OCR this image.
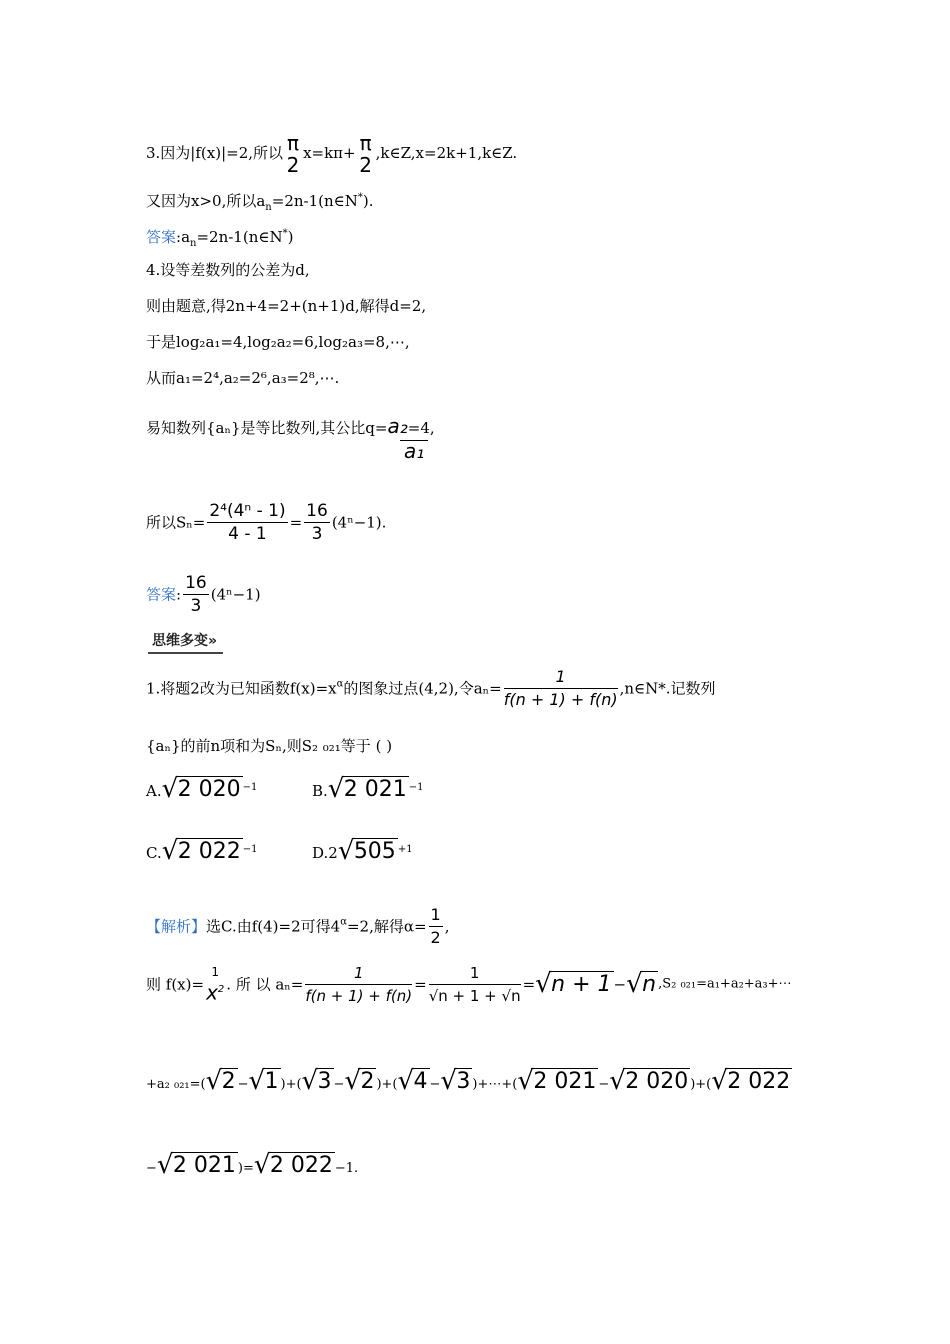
3.因为|f(x)|=2,所以 π
2 x=kπ+ π
2 ,k∈Z,x=2k+1,k∈Z.
又因为x>0,所以$a_n=2n-1(n\in N^*)$.
答案$:a_n=2n-1(n\in N^*)$
4.设等差数列的公差为d,
则由题意,得2n+4=2+(n+1)d,解得d=2,
于是log₂a₁=4,log₂a₂=6,log₂a₃=8,⋯,
从而a₁=2⁴,a₂=2⁶,a₃=2⁸,⋯.
易知数列{aₙ}是等比数列,其公比q=a₂=4,
a₁
所以$S_n= \frac{\text{2⁴(4ⁿ - 1)}}{4 - 1} = \frac{16}{3} (4^n-1)$.
答案: $\frac{16}{3} (4^n-1)$
思维多变»
1.将题2改为已知函数$f(x)=x^\alpha$的图象过点(4,2),令$a_n= \frac{1}{f(n + 1) + f(n)}$ ,n∈N*.记数列
{aₙ}的前n项和为Sₙ,则S₂ ₀₂₁等于 ( )
A. √ 2 020 $^{-1}$	B. √ 2 021 $^{-1}$
C. √ 2 022 $^{-1}$	D.2 √ 505 $^{+1}$
【解析】选C.由f(4)=2可得$4^\alpha=2$,解得$\alpha= \frac{1}{2}$ ,
则 f(x)=
1
$x^2$ . 所 以 $a_n= \frac{1}{f(n + 1) + f(n)} = \frac{1}{√n + 1 + √n}$ = √ n + 1 − √ n ,S₂ ₀₂₁=a₁+a₂+a₃+⋯
+a₂ ₀₂₁=( √ 2 − √ 1 )+( √ 3 − √ 2 )+( √ 4 − √ 3 )+⋯+( √ 2 021 − √ 2 020 )+( √ 2 022
− √ 2 021 )= √ 2 022 −1.
